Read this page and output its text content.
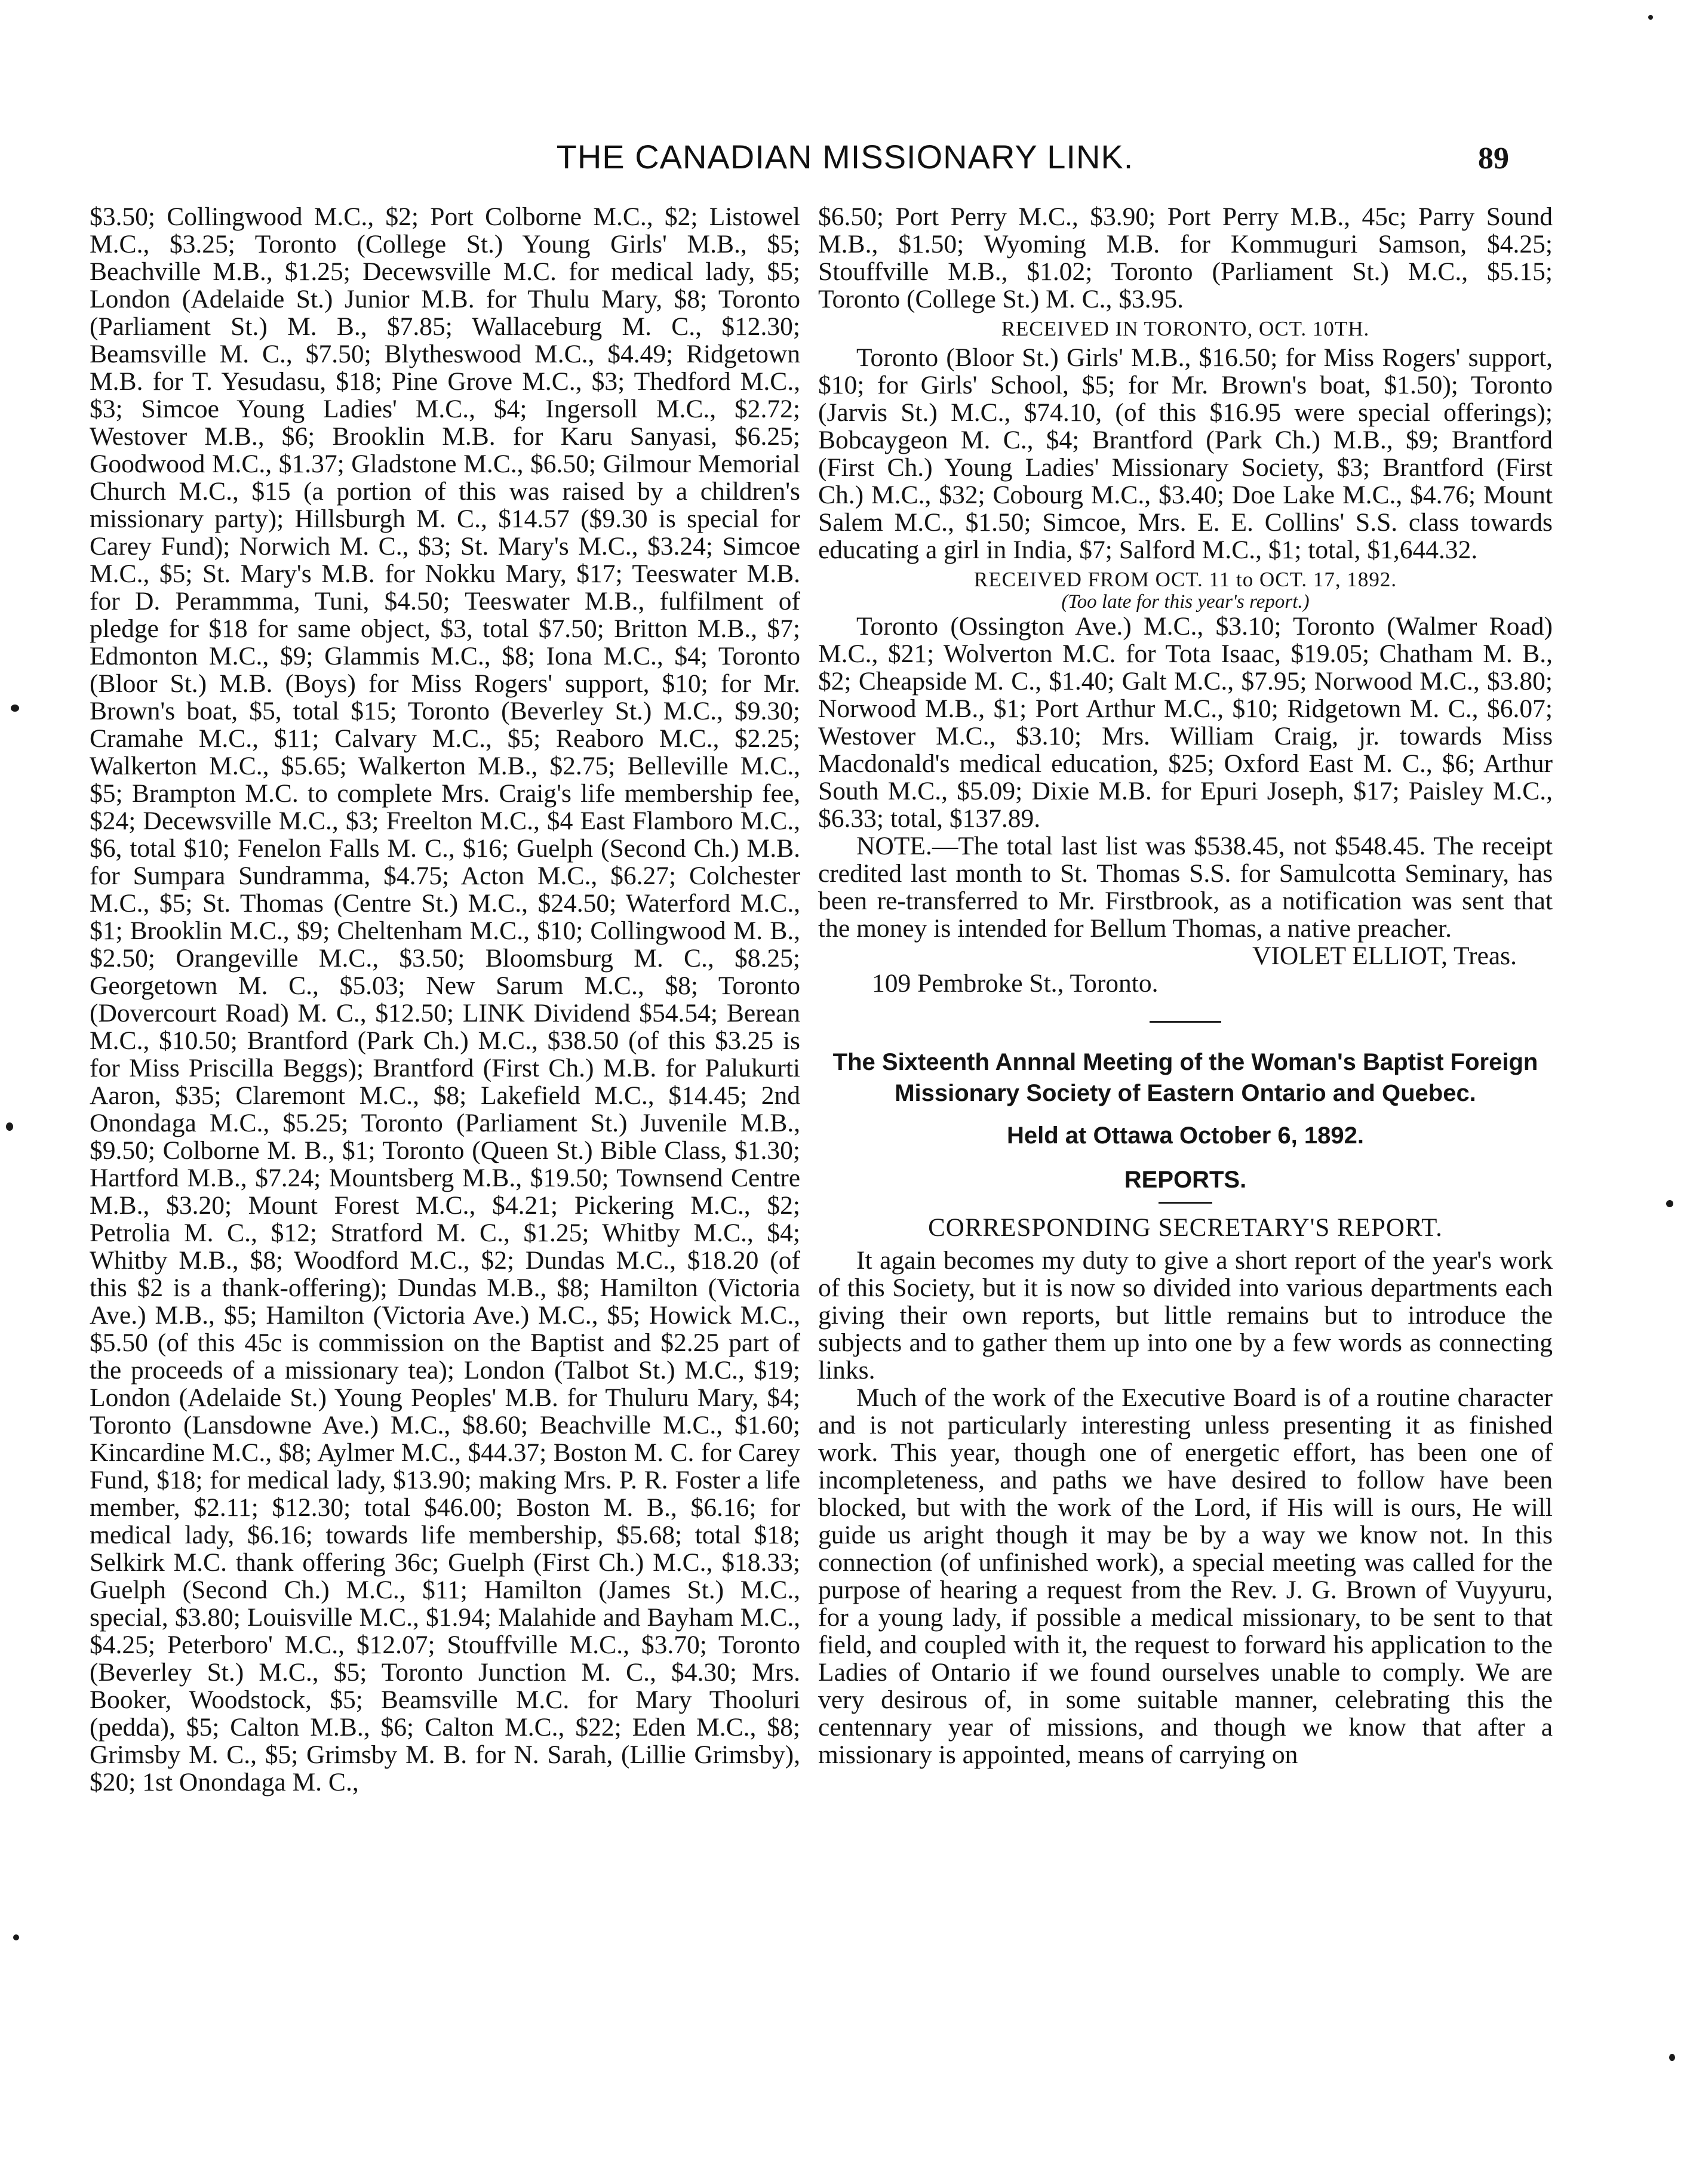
THE CANADIAN MISSIONARY LINK.	89

$3.50; Collingwood M.C., $2; Port Colborne M.C., $2; Listowel M.C., $3.25; Toronto (College St.) Young Girls' M.B., $5; Beachville M.B., $1.25; Decewsville M.C. for medical lady, $5; London (Adelaide St.) Junior M.B. for Thulu Mary, $8; Toronto (Parliament St.) M. B., $7.85; Wallaceburg M. C., $12.30; Beamsville M. C., $7.50; Blytheswood M.C., $4.49; Ridgetown M.B. for T. Yesudasu, $18; Pine Grove M.C., $3; Thedford M.C., $3; Simcoe Young Ladies' M.C., $4; Ingersoll M.C., $2.72; Westover M.B., $6; Brooklin M.B. for Karu Sanyasi, $6.25; Goodwood M.C., $1.37; Gladstone M.C., $6.50; Gilmour Memorial Church M.C., $15 (a portion of this was raised by a children's missionary party); Hillsburgh M. C., $14.57 ($9.30 is special for Carey Fund); Norwich M. C., $3; St. Mary's M.C., $3.24; Simcoe M.C., $5; St. Mary's M.B. for Nokku Mary, $17; Teeswater M.B. for D. Perammma, Tuni, $4.50; Teeswater M.B., fulfilment of pledge for $18 for same object, $3, total $7.50; Britton M.B., $7; Edmonton M.C., $9; Glammis M.C., $8; Iona M.C., $4; Toronto (Bloor St.) M.B. (Boys) for Miss Rogers' support, $10; for Mr. Brown's boat, $5, total $15; Toronto (Beverley St.) M.C., $9.30; Cramahe M.C., $11; Calvary M.C., $5; Reaboro M.C., $2.25; Walkerton M.C., $5.65; Walkerton M.B., $2.75; Belleville M.C., $5; Brampton M.C. to complete Mrs. Craig's life membership fee, $24; Decewsville M.C., $3; Freelton M.C., $4 East Flamboro M.C., $6, total $10; Fenelon Falls M. C., $16; Guelph (Second Ch.) M.B. for Sumpara Sundramma, $4.75; Acton M.C., $6.27; Colchester M.C., $5; St. Thomas (Centre St.) M.C., $24.50; Waterford M.C., $1; Brooklin M.C., $9; Cheltenham M.C., $10; Collingwood M. B., $2.50; Orangeville M.C., $3.50; Bloomsburg M. C., $8.25; Georgetown M. C., $5.03; New Sarum M.C., $8; Toronto (Dovercourt Road) M. C., $12.50; LINK Dividend $54.54; Berean M.C., $10.50; Brantford (Park Ch.) M.C., $38.50 (of this $3.25 is for Miss Priscilla Beggs); Brantford (First Ch.) M.B. for Palukurti Aaron, $35; Claremont M.C., $8; Lakefield M.C., $14.45; 2nd Onondaga M.C., $5.25; Toronto (Parliament St.) Juvenile M.B., $9.50; Colborne M. B., $1; Toronto (Queen St.) Bible Class, $1.30; Hartford M.B., $7.24; Mountsberg M.B., $19.50; Townsend Centre M.B., $3.20; Mount Forest M.C., $4.21; Pickering M.C., $2; Petrolia M. C., $12; Stratford M. C., $1.25; Whitby M.C., $4; Whitby M.B., $8; Woodford M.C., $2; Dundas M.C., $18.20 (of this $2 is a thank-offering); Dundas M.B., $8; Hamilton (Victoria Ave.) M.B., $5; Hamilton (Victoria Ave.) M.C., $5; Howick M.C., $5.50 (of this 45c is commission on the Baptist and $2.25 part of the proceeds of a missionary tea); London (Talbot St.) M.C., $19; London (Adelaide St.) Young Peoples' M.B. for Thuluru Mary, $4; Toronto (Lansdowne Ave.) M.C., $8.60; Beachville M.C., $1.60; Kincardine M.C., $8; Aylmer M.C., $44.37; Boston M. C. for Carey Fund, $18; for medical lady, $13.90; making Mrs. P. R. Foster a life member, $2.11; $12.30; total $46.00; Boston M. B., $6.16; for medical lady, $6.16; towards life membership, $5.68; total $18; Selkirk M.C. thank offering 36c; Guelph (First Ch.) M.C., $18.33; Guelph (Second Ch.) M.C., $11; Hamilton (James St.) M.C., special, $3.80; Louisville M.C., $1.94; Malahide and Bayham M.C., $4.25; Peterboro' M.C., $12.07; Stouffville M.C., $3.70; Toronto (Beverley St.) M.C., $5; Toronto Junction M. C., $4.30; Mrs. Booker, Woodstock, $5; Beamsville M.C. for Mary Thooluri (pedda), $5; Calton M.B., $6; Calton M.C., $22; Eden M.C., $8; Grimsby M. C., $5; Grimsby M. B. for N. Sarah, (Lillie Grimsby), $20; 1st Onondaga M. C.,

$6.50; Port Perry M.C., $3.90; Port Perry M.B., 45c; Parry Sound M.B., $1.50; Wyoming M.B. for Kommuguri Samson, $4.25; Stouffville M.B., $1.02; Toronto (Parliament St.) M.C., $5.15; Toronto (College St.) M. C., $3.95.

RECEIVED IN TORONTO, OCT. 10TH.

Toronto (Bloor St.) Girls' M.B., $16.50; for Miss Rogers' support, $10; for Girls' School, $5; for Mr. Brown's boat, $1.50); Toronto (Jarvis St.) M.C., $74.10, (of this $16.95 were special offerings); Bobcaygeon M. C., $4; Brantford (Park Ch.) M.B., $9; Brantford (First Ch.) Young Ladies' Missionary Society, $3; Brantford (First Ch.) M.C., $32; Cobourg M.C., $3.40; Doe Lake M.C., $4.76; Mount Salem M.C., $1.50; Simcoe, Mrs. E. E. Collins' S.S. class towards educating a girl in India, $7; Salford M.C., $1; total, $1,644.32.

RECEIVED FROM OCT. 11 to OCT. 17, 1892.
(Too late for this year's report.)

Toronto (Ossington Ave.) M.C., $3.10; Toronto (Walmer Road) M.C., $21; Wolverton M.C. for Tota Isaac, $19.05; Chatham M. B., $2; Cheapside M. C., $1.40; Galt M.C., $7.95; Norwood M.C., $3.80; Norwood M.B., $1; Port Arthur M.C., $10; Ridgetown M. C., $6.07; Westover M.C., $3.10; Mrs. William Craig, jr. towards Miss Macdonald's medical education, $25; Oxford East M. C., $6; Arthur South M.C., $5.09; Dixie M.B. for Epuri Joseph, $17; Paisley M.C., $6.33; total, $137.89.

NOTE.—The total last list was $538.45, not $548.45. The receipt credited last month to St. Thomas S.S. for Samulcotta Seminary, has been re-transferred to Mr. Firstbrook, as a notification was sent that the money is intended for Bellum Thomas, a native preacher.

VIOLET ELLIOT, Treas.

109 Pembroke St., Toronto.

The Sixteenth Annnal Meeting of the Woman's Baptist Foreign Missionary Society of Eastern Ontario and Quebec.

Held at Ottawa October 6, 1892.

REPORTS.

CORRESPONDING SECRETARY'S REPORT.

It again becomes my duty to give a short report of the year's work of this Society, but it is now so divided into various departments each giving their own reports, but little remains but to introduce the subjects and to gather them up into one by a few words as connecting links.

Much of the work of the Executive Board is of a routine character and is not particularly interesting unless presenting it as finished work. This year, though one of energetic effort, has been one of incompleteness, and paths we have desired to follow have been blocked, but with the work of the Lord, if His will is ours, He will guide us aright though it may be by a way we know not. In this connection (of unfinished work), a special meeting was called for the purpose of hearing a request from the Rev. J. G. Brown of Vuyyuru, for a young lady, if possible a medical missionary, to be sent to that field, and coupled with it, the request to forward his application to the Ladies of Ontario if we found ourselves unable to comply. We are very desirous of, in some suitable manner, celebrating this the centennary year of missions, and though we know that after a missionary is appointed, means of carrying on
